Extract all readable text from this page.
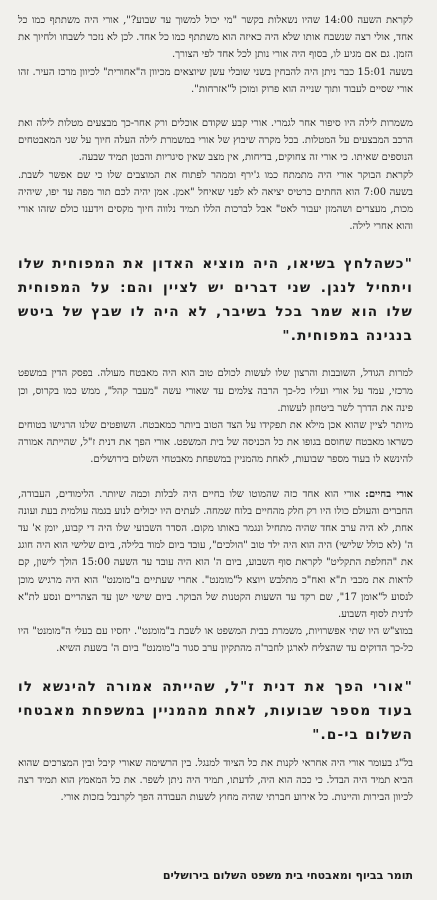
לקראת השעה 14:00 שהיו נשאלות בקשר "מי יכול למשוך עד שבוע?", אורי היה משתתף כמו כל אחד, אולי רצה שנשבח אותו שלא היה כאיזה הוא משתתף כמו כל אחד. לכן לא נזכר לשבחו ולחיוך את הזמן. גם אם מגיע לו, בסוף היה אורי נותן לכל אחד לפי הצורך.

בשעה 15:01 כבר ניתן היה להבחין בשני שובלי עשן שיוצאים מכיוון ה"אחורית" לכיוון מרכז העיר. זהו אורי שסיים לעבוד ותוך שנייה הוא פרוק ומוכן ל"אזרחות".

משמרות לילה היו סיפור אחר לגמרי. אורי קבע שקודם אוכלים ורק אחר-כך מבצעים מטלות לילה ואת הרכב המבצעים על המטלות. בכל מקרה שיבוץ של אורי במשמרת לילה העלה חיוך על שני המאבטחים הנוספים שאיתו. כי אורי זה צחוקים, בדיחות, אין מצב שאין סיגריות והבטן תמיד שבעה.

לקראת הבוקר אורי היה מתמתח כמו ג'ירף וממהר לפתוח את המוצבים שלו כי שם אפשר לשבת. בשעה 7:00 הוא החתים כרטיס יציאה לא לפני שאיחל "אמן. אמן יהיה לכם תור מפה עד יפו, שיהיה מכות, מעצרים ושהמזן יעבור לאט" אבל לברכות הללו תמיד נלווה חיוך מקסים וידענו כולם שזהו אורי והוא אחרי לילה.

"כשהלחץ בשיאו, היה מוציא האדון את המפוחית שלו ויתחיל לנגן. שני דברים יש לציין והם: על המפוחית שלו הוא שמר בכל בשיבר, לא היה לו שבץ של ביטש בנגינה במפוחית."

למרות הגודל, השובבות והרצון שלו לעשות לכולם טוב הוא היה מאבטח מעולה. בפסק הדין במשפט מרכזי, עמד על אורי ועליו כל-כך הרבה צלמים עד שאורי עשה "מעבר קהל", ממש כמו בקרוס, וכן פינה את הדרך לשר ביטחון לעשות.

מיותר לציין שהוא אכן מילא את תפקידו על הצד הטוב ביותר כמאבטח. השופטים שלנו הרגישו בטוחים כשראו מאבטח שחוסם בגופו את כל הכניסה של בית המשפט. אורי הפך את דנית ז"ל, שהייתה אמורה להינשא לו בעוד מספר שבועות, לאחת מהמניין במשפחת מאבטחי השלום בירושלים.

אורי בחיים: אורי הוא אחד כזה שהמוטו שלו בחיים היה לבלות וכמה שיותר. הלימודים, העבודה, החברים והעולם כולו היו רק חלק מהחיים בלוח שמחה. לעתים היו יכולים לנוע בגמה עולמית בעת ועונה אחת, לא היה ערב אחד שהיה מתחיל ונגמר באותו מקום. הסדר השבועי שלו היה די קבוע, יומן א' עד ה' (לא כולל שלישי) היה הוא היה ילד טוב "הולכים", עובד ביום למוד בלילה, ביום שלישי הוא היה חוגג את "החלפת התקליט" לקראת סוף השבוע, ביום ה' הוא היה עובד עד השעה 15:00 הולך לישון, קם לראות את מכבי ת"א ואח"כ מתלבש ויוצא ל"מומנט". אחרי שעתיים ב"מומנט" הוא היה מרגיש מוכן לנסוע ל"אומן 17", שם רקד עד השעות הקטנות של הבוקר. ביום שישי ישן עד הצהריים ונסע לת"א לדנית לסוף השבוע.

במוצ"ש היו שתי אפשרויות, משמרת בבית המשפט או לשבת ב"מומנט". יחסיו עם בעלי ה"מומנט" היו כל-כך הדוקים עד שהצליח לארגן לחבר'ה מהתקיון ערב סגור ב"מומנט" ביום ה' בשעת השיא.

"אורי הפך את דנית ז"ל, שהייתה אמורה להינשא לו בעוד מספר שבועות, לאחת מהמניין במשפחת מאבטחי השלום בי-ם."

בל"ג בעומר אורי היה אחראי לקנות את כל הציוד למנגל. בין הרשימה שאורי קיבל ובין המצרכים שהוא הביא תמיד היה הבדל. כי ככה הוא היה, לדעתו, תמיד היה ניתן לשפר. את כל המאמץ הוא תמיד רצה לכיוון הבירות והיינות. כל אירוע חברתי שהיה מחוץ לשעות העבודה הפך לקרנבל בזכות אורי.

תומר בביוף ומאבטחי בית משפט השלום בירושלים
